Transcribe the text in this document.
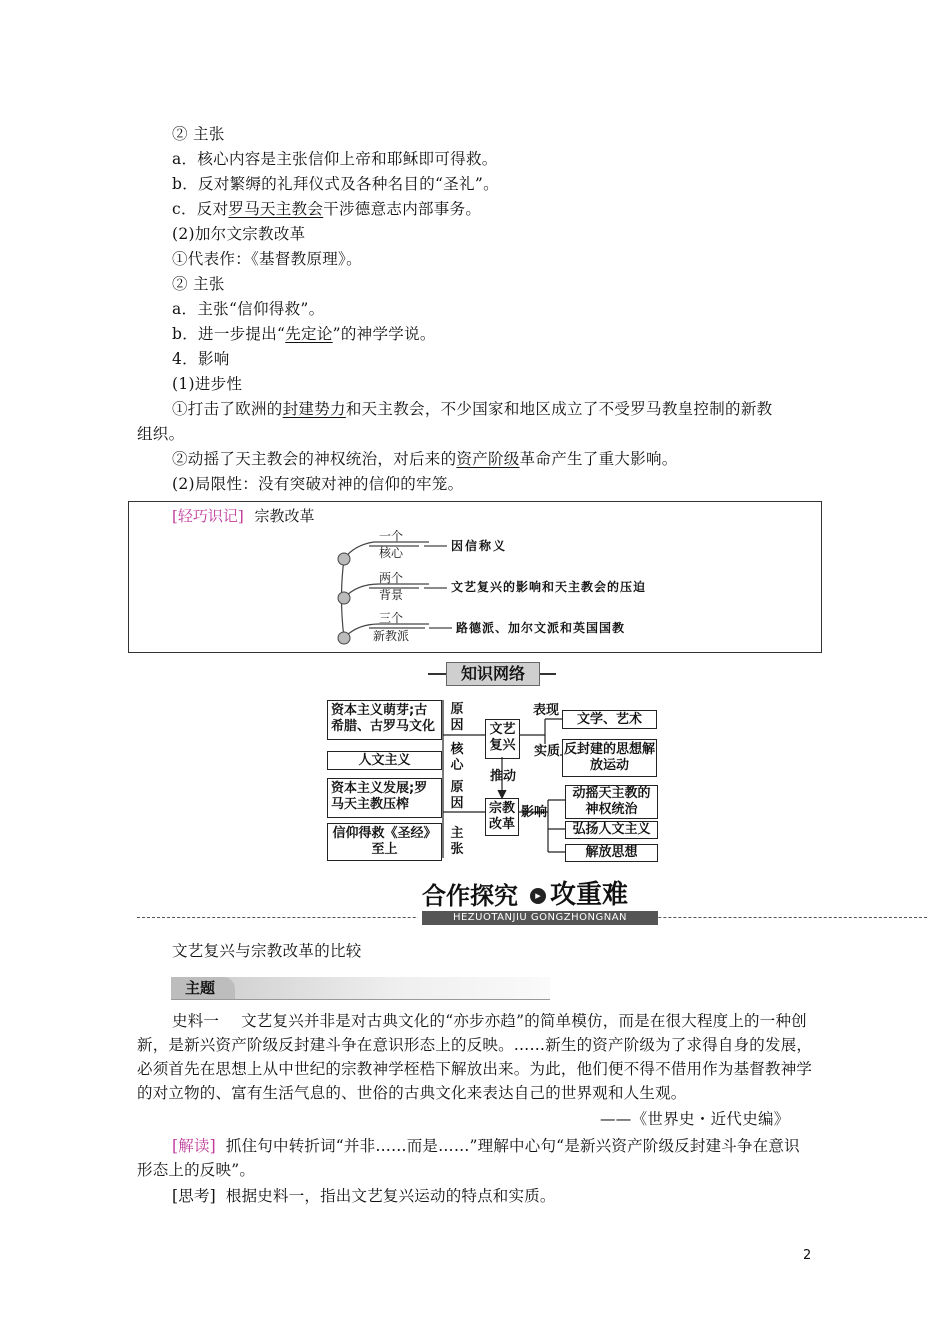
② 主张
a．核心内容是主张信仰上帝和耶稣即可得救。
b．反对繁缛的礼拜仪式及各种名目的“圣礼”。
c．反对罗马天主教会干涉德意志内部事务。
(2)加尔文宗教改革
①代表作：《基督教原理》。
② 主张
a．主张“信仰得救”。
b．进一步提出“先定论”的神学学说。
4．影响
(1)进步性
①打击了欧洲的封建势力和天主教会，不少国家和地区成立了不受罗马教皇控制的新教
组织。
②动摇了天主教会的神权统治，对后来的资产阶级革命产生了重大影响。
(2)局限性：没有突破对神的信仰的牢笼。
[轻巧识记] 宗教改革
一个
核心	因信称义
两个
背景
文艺复兴的影响和天主教会的压迫
三个
新教派
路德派、加尔文派和英国国教
知识网络
资本主义萌芽;古希腊、古罗马文化
人文主义
资本主义发展;罗马天主教压榨
信仰得救《圣经》至上
原因
核心
原因
主张
文艺复兴
推动
宗教改革
表现
实质
影响
文学、艺术
反封建的思想解放运动
动摇天主教的神权统治
弘扬人文主义
解放思想
合作探究	▸ 攻重难
HEZUOTANJIU GONGZHONGNAN
文艺复兴与宗教改革的比较
主题
史料一 文艺复兴并非是对古典文化的“亦步亦趋”的简单模仿，而是在很大程度上的一种创新，是新兴资产阶级反封建斗争在意识形态上的反映。……新生的资产阶级为了求得自身的发展，必须首先在思想上从中世纪的宗教神学桎梏下解放出来。为此，他们便不得不借用作为基督教神学的对立物的、富有生活气息的、世俗的古典文化来表达自己的世界观和人生观。
——《世界史・近代史编》
[解读] 抓住句中转折词“并非……而是……”理解中心句“是新兴资产阶级反封建斗争在意识形态上的反映”。
[思考] 根据史料一，指出文艺复兴运动的特点和实质。
2
